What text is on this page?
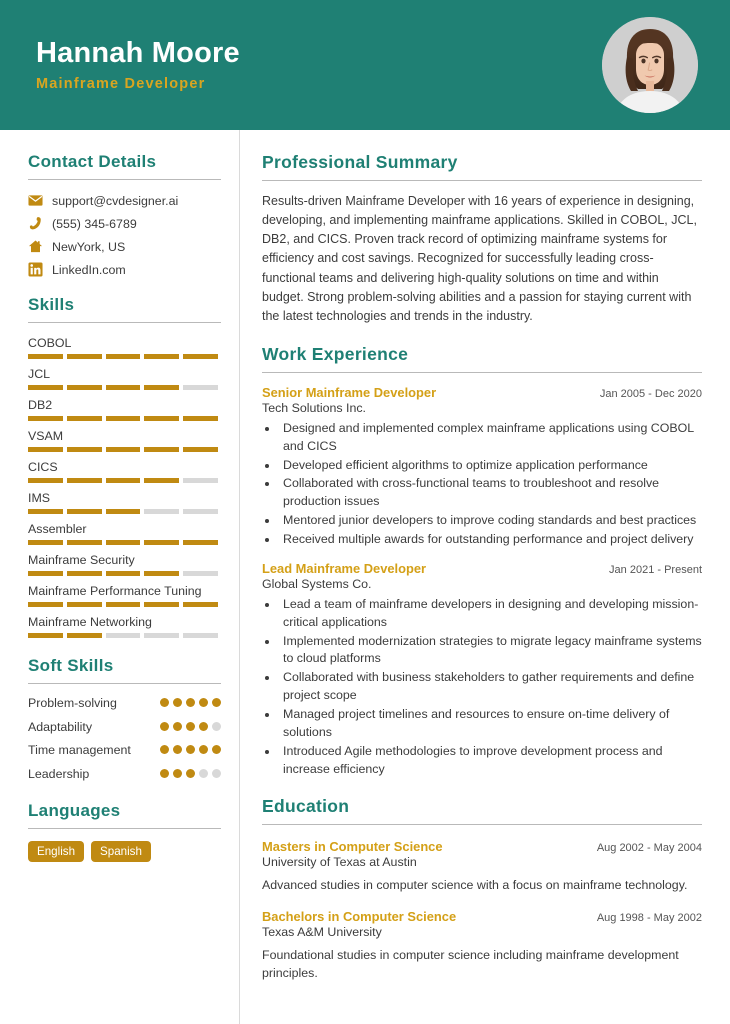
Hannah Moore
Mainframe Developer
Contact Details
support@cvdesigner.ai
(555) 345-6789
NewYork, US
LinkedIn.com
Skills
COBOL
JCL
DB2
VSAM
CICS
IMS
Assembler
Mainframe Security
Mainframe Performance Tuning
Mainframe Networking
Soft Skills
Problem-solving
Adaptability
Time management
Leadership
Languages
English	Spanish
Professional Summary
Results-driven Mainframe Developer with 16 years of experience in designing, developing, and implementing mainframe applications. Skilled in COBOL, JCL, DB2, and CICS. Proven track record of optimizing mainframe systems for efficiency and cost savings. Recognized for successfully leading cross-functional teams and delivering high-quality solutions on time and within budget. Strong problem-solving abilities and a passion for staying current with the latest technologies and trends in the industry.
Work Experience
Senior Mainframe Developer	Jan 2005 - Dec 2020
Tech Solutions Inc.
• Designed and implemented complex mainframe applications using COBOL and CICS
• Developed efficient algorithms to optimize application performance
• Collaborated with cross-functional teams to troubleshoot and resolve production issues
• Mentored junior developers to improve coding standards and best practices
• Received multiple awards for outstanding performance and project delivery
Lead Mainframe Developer	Jan 2021 - Present
Global Systems Co.
• Lead a team of mainframe developers in designing and developing mission-critical applications
• Implemented modernization strategies to migrate legacy mainframe systems to cloud platforms
• Collaborated with business stakeholders to gather requirements and define project scope
• Managed project timelines and resources to ensure on-time delivery of solutions
• Introduced Agile methodologies to improve development process and increase efficiency
Education
Masters in Computer Science	Aug 2002 - May 2004
University of Texas at Austin
Advanced studies in computer science with a focus on mainframe technology.
Bachelors in Computer Science	Aug 1998 - May 2002
Texas A&M University
Foundational studies in computer science including mainframe development principles.
